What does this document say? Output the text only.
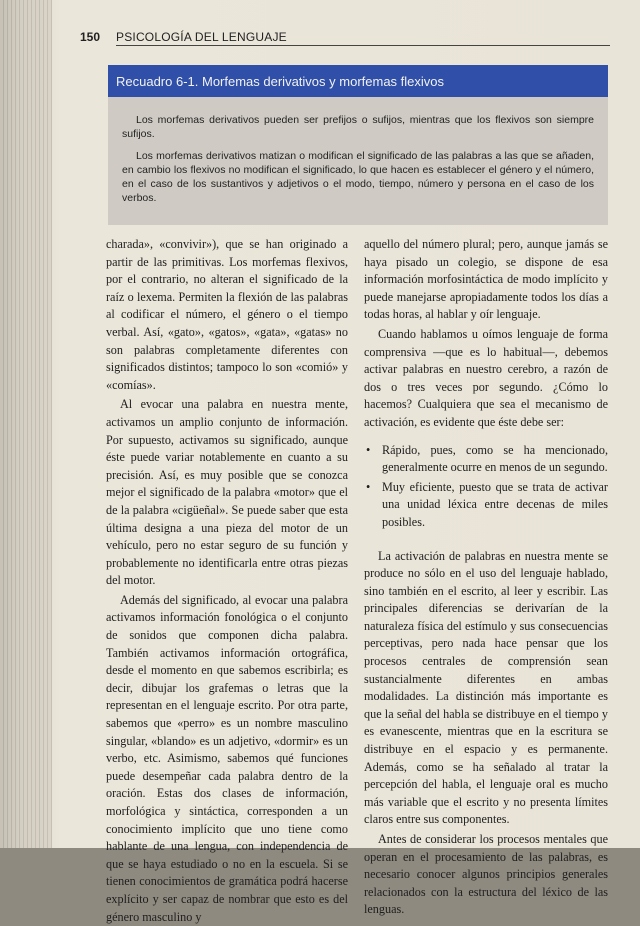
150 PSICOLOGÍA DEL LENGUAJE
Recuadro 6-1. Morfemas derivativos y morfemas flexivos

Los morfemas derivativos pueden ser prefijos o sufijos, mientras que los flexivos son siempre sufijos.

Los morfemas derivativos matizan o modifican el significado de las palabras a las que se añaden, en cambio los flexivos no modifican el significado, lo que hacen es establecer el género y el número, en el caso de los sustantivos y adjetivos o el modo, tiempo, número y persona en el caso de los verbos.

charada», «convivir»), que se han originado a partir de las primitivas. Los morfemas flexivos, por el contrario, no alteran el significado de la raíz o lexema. Permiten la flexión de las palabras al codificar el número, el género o el tiempo verbal. Así, «gato», «gatos», «gata», «gatas» no son palabras completamente diferentes con significados distintos; tampoco lo son «comió» y «comías».

Al evocar una palabra en nuestra mente, activamos un amplio conjunto de información. Por supuesto, activamos su significado, aunque éste puede variar notablemente en cuanto a su precisión. Así, es muy posible que se conozca mejor el significado de la palabra «motor» que el de la palabra «cigüeñal». Se puede saber que esta última designa a una pieza del motor de un vehículo, pero no estar seguro de su función y probablemente no identificarla entre otras piezas del motor.

Además del significado, al evocar una palabra activamos información fonológica o el conjunto de sonidos que componen dicha palabra. También activamos información ortográfica, desde el momento en que sabemos escribirla; es decir, dibujar los grafemas o letras que la representan en el lenguaje escrito. Por otra parte, sabemos que «perro» es un nombre masculino singular, «blando» es un adjetivo, «dormir» es un verbo, etc. Asimismo, sabemos qué funciones puede desempeñar cada palabra dentro de la oración. Estas dos clases de información, morfológica y sintáctica, corresponden a un conocimiento implícito que uno tiene como hablante de una lengua, con independencia de que se haya estudiado o no en la escuela. Si se tienen conocimientos de gramática podrá hacerse explícito y ser capaz de nombrar que esto es del género masculino y

aquello del número plural; pero, aunque jamás se haya pisado un colegio, se dispone de esa información morfosintáctica de modo implícito y puede manejarse apropiadamente todos los días a todas horas, al hablar y oír lenguaje.

Cuando hablamos u oímos lenguaje de forma comprensiva —que es lo habitual—, debemos activar palabras en nuestro cerebro, a razón de dos o tres veces por segundo. ¿Cómo lo hacemos? Cualquiera que sea el mecanismo de activación, es evidente que éste debe ser:

• Rápido, pues, como se ha mencionado, generalmente ocurre en menos de un segundo.
• Muy eficiente, puesto que se trata de activar una unidad léxica entre decenas de miles posibles.

La activación de palabras en nuestra mente se produce no sólo en el uso del lenguaje hablado, sino también en el escrito, al leer y escribir. Las principales diferencias se derivarían de la naturaleza física del estímulo y sus consecuencias perceptivas, pero nada hace pensar que los procesos centrales de comprensión sean sustancialmente diferentes en ambas modalidades. La distinción más importante es que la señal del habla se distribuye en el tiempo y es evanescente, mientras que en la escritura se distribuye en el espacio y es permanente. Además, como se ha señalado al tratar la percepción del habla, el lenguaje oral es mucho más variable que el escrito y no presenta límites claros entre sus componentes.

Antes de considerar los procesos mentales que operan en el procesamiento de las palabras, es necesario conocer algunos principios generales relacionados con la estructura del léxico de las lenguas.
